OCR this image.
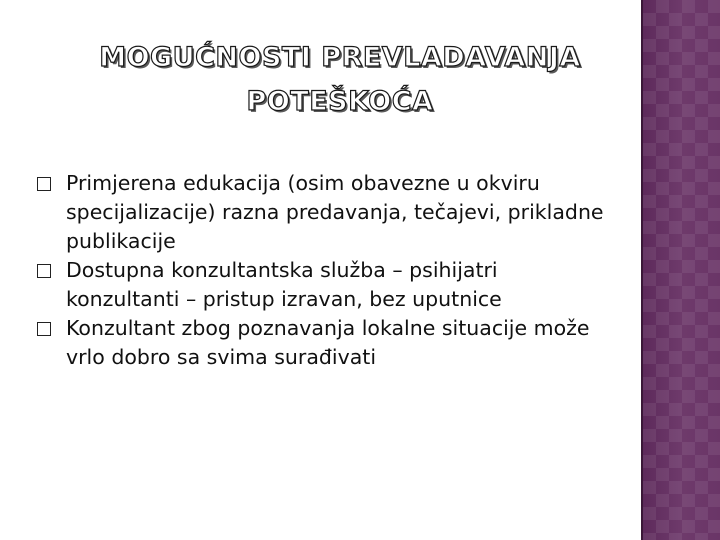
MOGUĆNOSTI PREVLADAVANJA
POTEŠKOĆA
Primjerena edukacija (osim obavezne u okviru specijalizacije) razna predavanja, tečajevi, prikladne publikacije
Dostupna konzultantska služba – psihijatri konzultanti – pristup izravan, bez uputnice
Konzultant zbog poznavanja lokalne situacije može vrlo dobro sa svima surađivati
